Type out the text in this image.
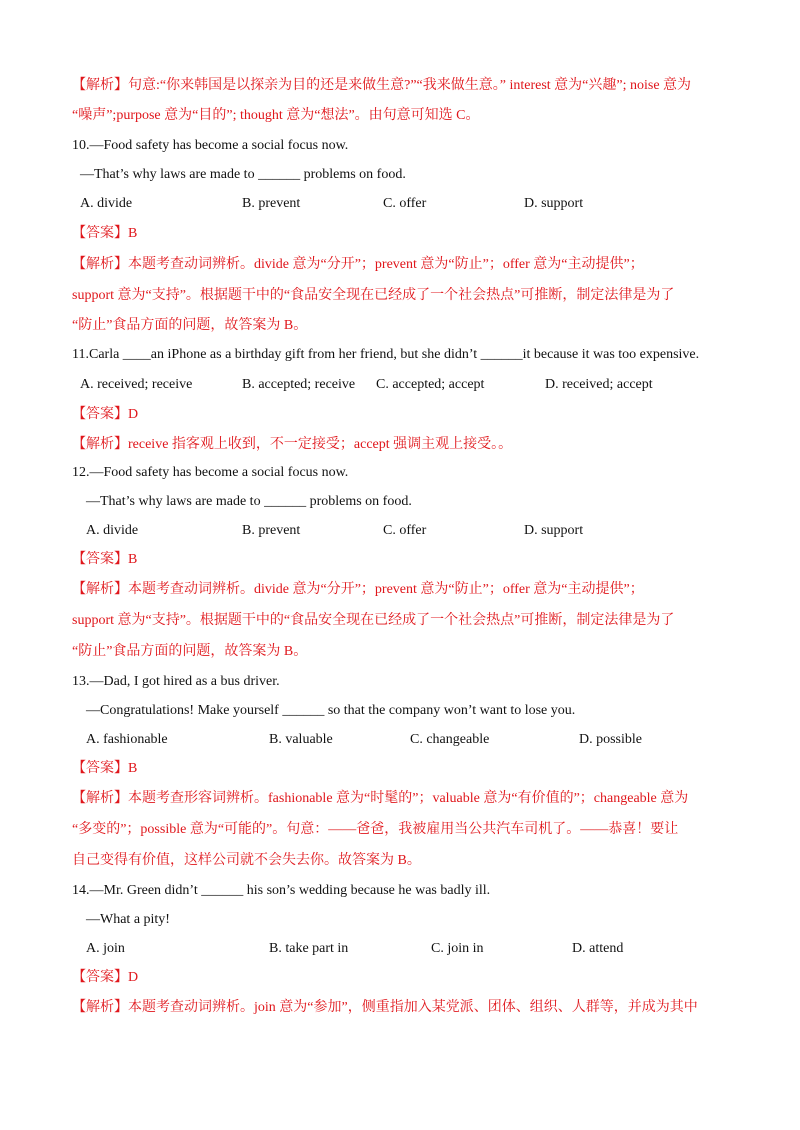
【解析】句意:“你来韩国是以探亲为目的还是来做生意?”“我来做生意。” interest 意为“兴趣”; noise 意为
“噪声”;purpose 意为“目的”; thought 意为“想法”。由句意可知选 C。
10.—Food safety has become a social focus now.
—That’s why laws are made to ______ problems on food.
A. divide	B. prevent	C. offer	D. support
【答案】B
【解析】本题考查动词辨析。divide 意为“分开”；prevent 意为“防止”；offer 意为“主动提供”；
support 意为“支持”。根据题干中的“食品安全现在已经成了一个社会热点”可推断，制定法律是为了
“防止”食品方面的问题，故答案为 B。
11.Carla ____an iPhone as a birthday gift from her friend, but she didn’t ______it because it was too expensive.
A. received; receive	B. accepted; receive C. accepted; accept	D. received; accept
【答案】D
【解析】receive 指客观上收到，不一定接受；accept 强调主观上接受。。
12.—Food safety has become a social focus now.
—That’s why laws are made to ______ problems on food.
A. divide	B. prevent	C. offer	D. support
【答案】B
【解析】本题考查动词辨析。divide 意为“分开”；prevent 意为“防止”；offer 意为“主动提供”；
support 意为“支持”。根据题干中的“食品安全现在已经成了一个社会热点”可推断，制定法律是为了
“防止”食品方面的问题，故答案为 B。
13.—Dad, I got hired as a bus driver.
—Congratulations! Make yourself ______ so that the company won’t want to lose you.
A. fashionable	B. valuable	C. changeable	D. possible
【答案】B
【解析】本题考查形容词辨析。fashionable 意为“时髦的”；valuable 意为“有价值的”；changeable 意为
“多变的”；possible 意为“可能的”。句意：——爸爸，我被雇用当公共汽车司机了。——恭喜！要让
自己变得有价值，这样公司就不会失去你。故答案为 B。
14.—Mr. Green didn’t ______ his son’s wedding because he was badly ill.
—What a pity!
A. join	B. take part in	C. join in	D. attend
【答案】D
【解析】本题考查动词辨析。join 意为“参加”，侧重指加入某党派、团体、组织、人群等，并成为其中
